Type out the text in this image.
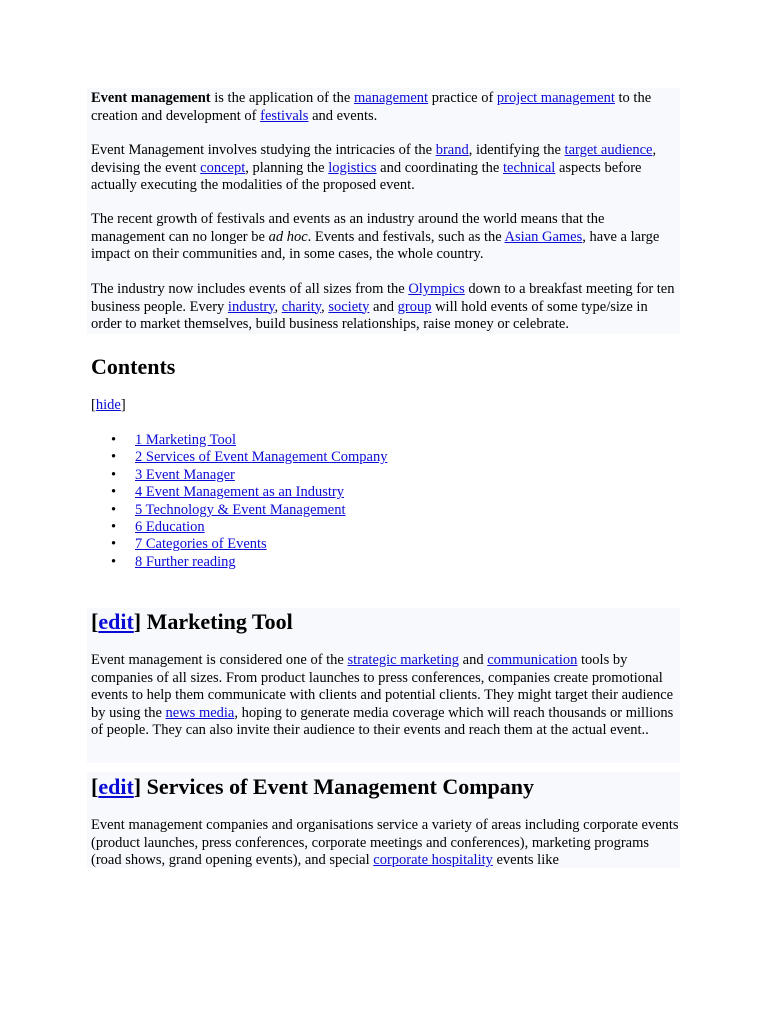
Event management is the application of the management practice of project management to the creation and development of festivals and events.

Event Management involves studying the intricacies of the brand, identifying the target audience, devising the event concept, planning the logistics and coordinating the technical aspects before actually executing the modalities of the proposed event.

The recent growth of festivals and events as an industry around the world means that the management can no longer be ad hoc. Events and festivals, such as the Asian Games, have a large impact on their communities and, in some cases, the whole country.

The industry now includes events of all sizes from the Olympics down to a breakfast meeting for ten business people. Every industry, charity, society and group will hold events of some type/size in order to market themselves, build business relationships, raise money or celebrate.

Contents
[hide]
• 1 Marketing Tool
• 2 Services of Event Management Company
• 3 Event Manager
• 4 Event Management as an Industry
• 5 Technology & Event Management
• 6 Education
• 7 Categories of Events
• 8 Further reading
[edit] Marketing Tool

Event management is considered one of the strategic marketing and communication tools by companies of all sizes. From product launches to press conferences, companies create promotional events to help them communicate with clients and potential clients. They might target their audience by using the news media, hoping to generate media coverage which will reach thousands or millions of people. They can also invite their audience to their events and reach them at the actual event..

[edit] Services of Event Management Company

Event management companies and organisations service a variety of areas including corporate events (product launches, press conferences, corporate meetings and conferences), marketing programs (road shows, grand opening events), and special corporate hospitality events like
